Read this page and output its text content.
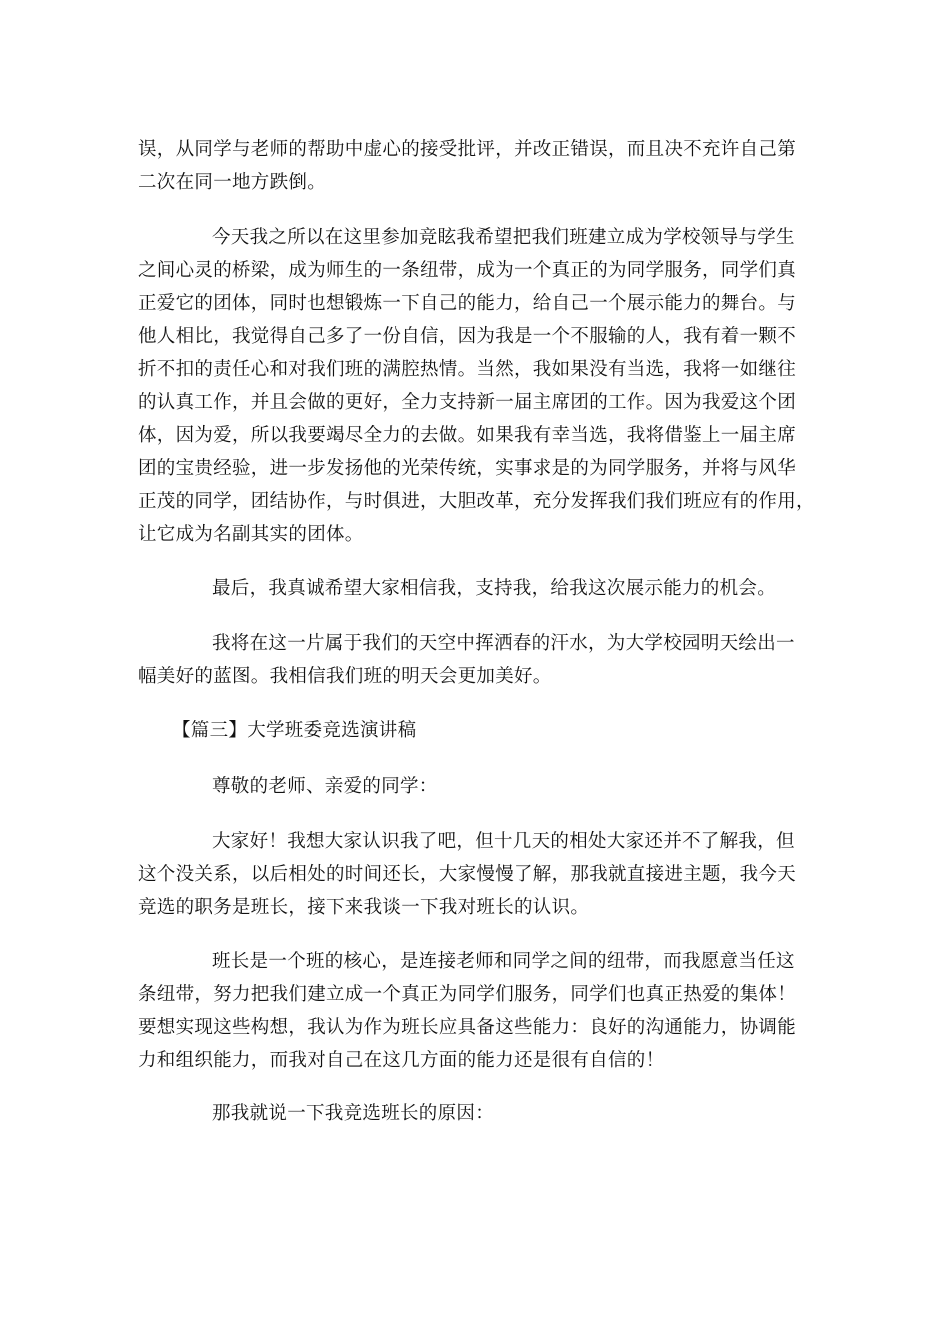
误，从同学与老师的帮助中虚心的接受批评，并改正错误，而且决不充许自己第
二次在同一地方跌倒。
今天我之所以在这里参加竞眩我希望把我们班建立成为学校领导与学生
之间心灵的桥梁，成为师生的一条纽带，成为一个真正的为同学服务，同学们真
正爱它的团体，同时也想锻炼一下自己的能力，给自己一个展示能力的舞台。与
他人相比，我觉得自己多了一份自信，因为我是一个不服输的人，我有着一颗不
折不扣的责任心和对我们班的满腔热情。当然，我如果没有当选，我将一如继往
的认真工作，并且会做的更好，全力支持新一届主席团的工作。因为我爱这个团
体，因为爱，所以我要竭尽全力的去做。如果我有幸当选，我将借鉴上一届主席
团的宝贵经验，进一步发扬他的光荣传统，实事求是的为同学服务，并将与风华
正茂的同学，团结协作，与时俱进，大胆改革，充分发挥我们我们班应有的作用，
让它成为名副其实的团体。
最后，我真诚希望大家相信我，支持我，给我这次展示能力的机会。
我将在这一片属于我们的天空中挥洒春的汗水，为大学校园明天绘出一
幅美好的蓝图。我相信我们班的明天会更加美好。
【篇三】大学班委竞选演讲稿
尊敬的老师、亲爱的同学：
大家好！我想大家认识我了吧，但十几天的相处大家还并不了解我，但
这个没关系，以后相处的时间还长，大家慢慢了解，那我就直接进主题，我今天
竞选的职务是班长，接下来我谈一下我对班长的认识。
班长是一个班的核心，是连接老师和同学之间的纽带，而我愿意当任这
条纽带，努力把我们建立成一个真正为同学们服务，同学们也真正热爱的集体！
要想实现这些构想，我认为作为班长应具备这些能力：良好的沟通能力，协调能
力和组织能力，而我对自己在这几方面的能力还是很有自信的！
那我就说一下我竞选班长的原因：
